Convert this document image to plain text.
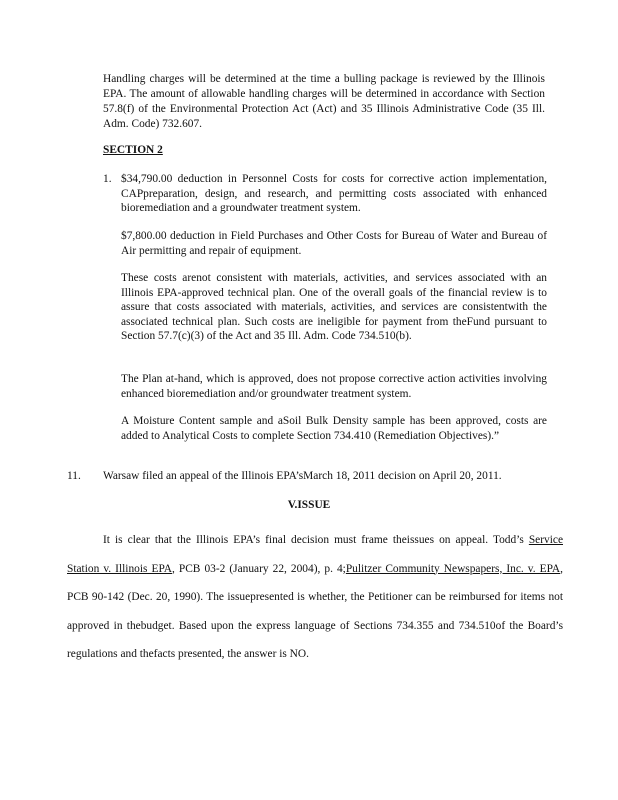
Handling charges will be determined at the time a bulling package is reviewed by the Illinois EPA. The amount of allowable handling charges will be determined in accordance with Section 57.8(f) of the Environmental Protection Act (Act) and 35 Illinois Administrative Code (35 Ill. Adm. Code) 732.607.
SECTION 2
1. $34,790.00 deduction in Personnel Costs for costs for corrective action implementation, CAPpreparation, design, and research, and permitting costs associated with enhanced bioremediation and a groundwater treatment system.
$7,800.00 deduction in Field Purchases and Other Costs for Bureau of Water and Bureau of Air permitting and repair of equipment.
These costs arenot consistent with materials, activities, and services associated with an Illinois EPA-approved technical plan. One of the overall goals of the financial review is to assure that costs associated with materials, activities, and services are consistentwith the associated technical plan. Such costs are ineligible for payment from theFund pursuant to Section 57.7(c)(3) of the Act and 35 Ill. Adm. Code 734.510(b).
The Plan at-hand, which is approved, does not propose corrective action activities involving enhanced bioremediation and/or groundwater treatment system.
A Moisture Content sample and aSoil Bulk Density sample has been approved, costs are added to Analytical Costs to complete Section 734.410 (Remediation Objectives).”
11. Warsaw filed an appeal of the Illinois EPA’sMarch 18, 2011 decision on April 20, 2011.
V.ISSUE
It is clear that the Illinois EPA’s final decision must frame theissues on appeal. Todd’s Service Station v. Illinois EPA, PCB 03-2 (January 22, 2004), p. 4;Pulitzer Community Newspapers, Inc. v. EPA, PCB 90-142 (Dec. 20, 1990). The issuepresented is whether, the Petitioner can be reimbursed for items not approved in thebudget. Based upon the express language of Sections 734.355 and 734.510of the Board’s regulations and thefacts presented, the answer is NO.
